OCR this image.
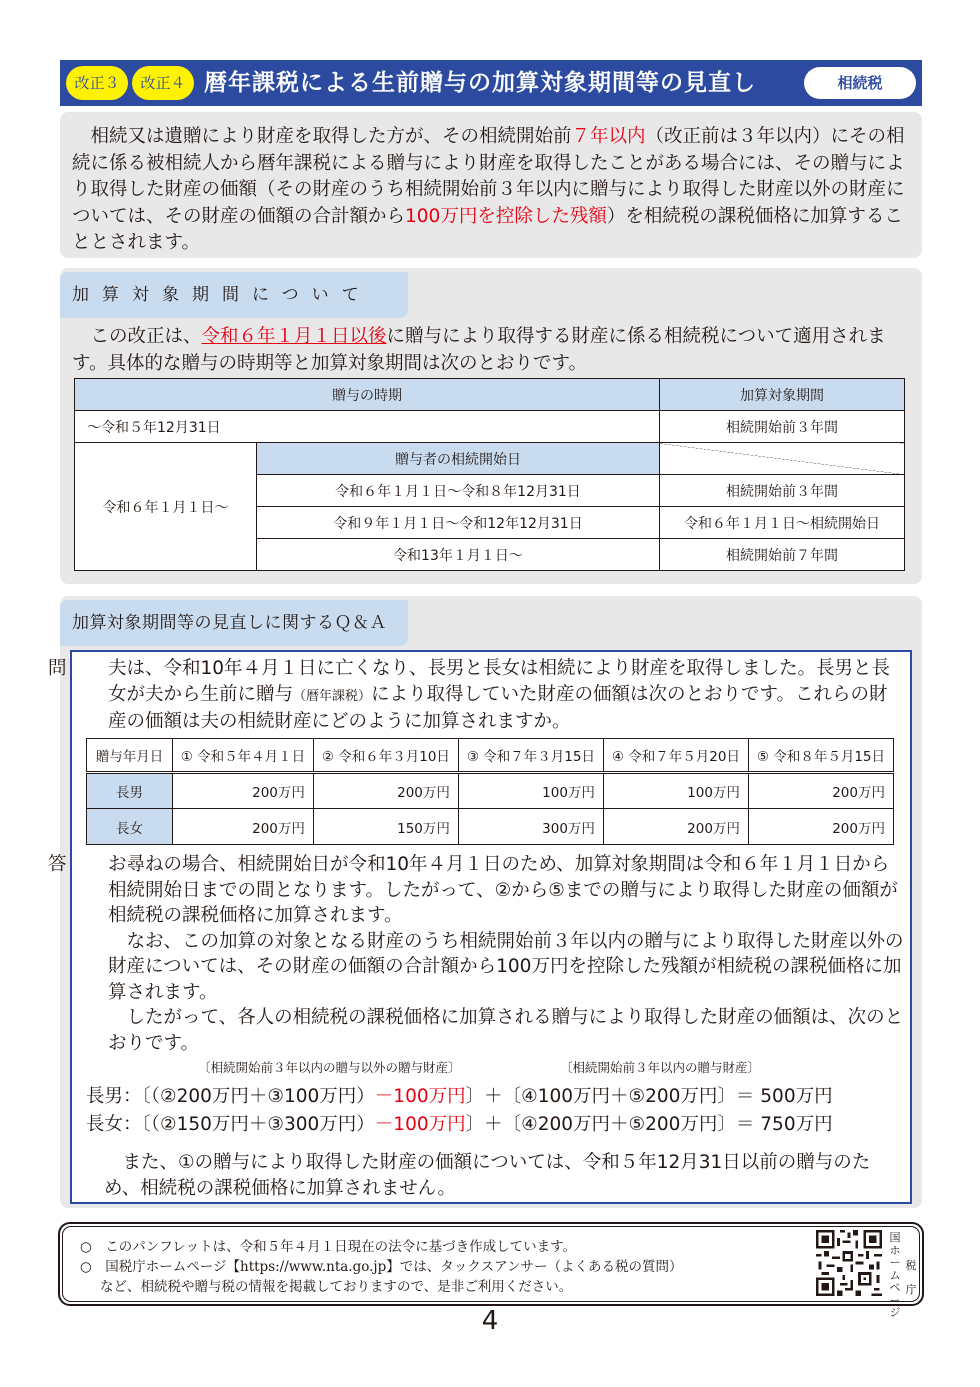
改正３	改正４ 暦年課税による生前贈与の加算対象期間等の見直し	相続税

相続又は遺贈により財産を取得した方が、その相続開始前７年以内（改正前は３年以内）にその相続に係る被相続人から暦年課税による贈与により財産を取得したことがある場合には、その贈与により取得した財産の価額（その財産のうち相続開始前３年以内に贈与により取得した財産以外の財産については、その財産の価額の合計額から100万円を控除した残額）を相続税の課税価格に加算することとされます。

加算対象期間について

この改正は、令和６年１月１日以後に贈与により取得する財産に係る相続税について適用されます。具体的な贈与の時期等と加算対象期間は次のとおりです。

贈与の時期		加算対象期間
～令和５年12月31日		相続開始前３年間
令和６年１月１日～	贈与者の相続開始日	
	令和６年１月１日～令和８年12月31日	相続開始前３年間
	令和９年１月１日～令和12年12月31日	令和６年１月１日～相続開始日
	令和13年１月１日～	相続開始前７年間
加算対象期間等の見直しに関するＱ＆Ａ

問 夫は、令和10年４月１日に亡くなり、長男と長女は相続により財産を取得しました。長男と長女が夫から生前に贈与（暦年課税）により取得していた財産の価額は次のとおりです。これらの財産の価額は夫の相続財産にどのように加算されますか。

贈与年月日	① 令和５年４月１日	② 令和６年３月10日	③ 令和７年３月15日	④ 令和７年５月20日	⑤ 令和８年５月15日
長男	200万円	200万円	100万円	100万円	200万円
長女	200万円	150万円	300万円	200万円	200万円

答 お尋ねの場合、相続開始日が令和10年４月１日のため、加算対象期間は令和６年１月１日から相続開始日までの間となります。したがって、②から⑤までの贈与により取得した財産の価額が相続税の課税価格に加算されます。

なお、この加算の対象となる財産のうち相続開始前３年以内の贈与により取得した財産以外の財産については、その財産の価額の合計額から100万円を控除した残額が相続税の課税価格に加算されます。

したがって、各人の相続税の課税価格に加算される贈与により取得した財産の価額は、次のとおりです。

〔相続開始前３年以内の贈与以外の贈与財産〕	〔相続開始前３年以内の贈与財産〕
長男：〔（②200万円＋③100万円）－100万円〕＋〔④100万円＋⑤200万円〕＝ 500万円
長女：〔（②150万円＋③300万円）－100万円〕＋〔④200万円＋⑤200万円〕＝ 750万円

また、①の贈与により取得した財産の価額については、令和５年12月31日以前の贈与のため、相続税の課税価格に加算されません。

○　このパンフレットは、令和５年４月１日現在の法令に基づき作成しています。
○　国税庁ホームページ【https://www.nta.go.jp】では、タックスアンサー（よくある税の質問）
など、相続税や贈与税の情報を掲載しておりますので、是非ご利用ください。
国ホームページ
税庁
4
